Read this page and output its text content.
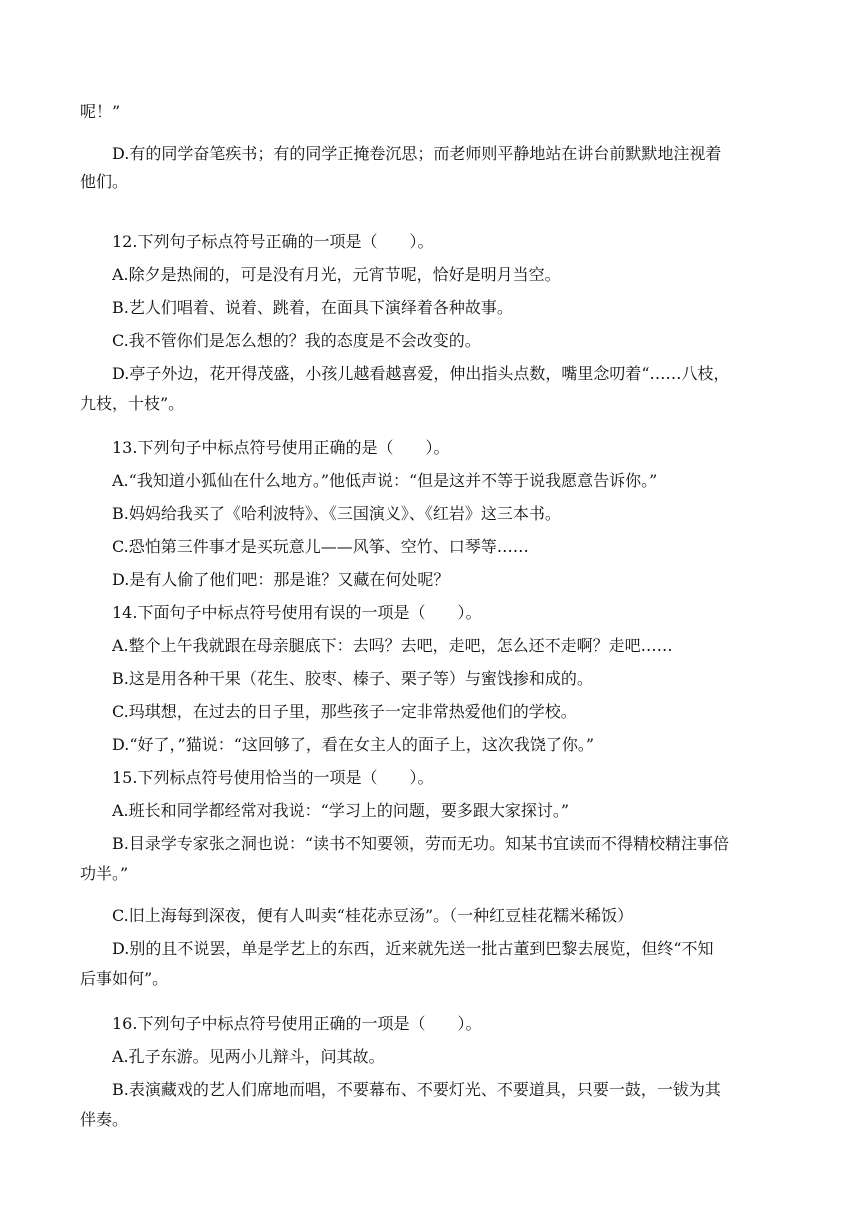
呢！”
D.有的同学奋笔疾书；有的同学正掩卷沉思；而老师则平静地站在讲台前默默地注视着
他们。
12.下列句子标点符号正确的一项是（　　）。
A.除夕是热闹的，可是没有月光，元宵节呢，恰好是明月当空。
B.艺人们唱着、说着、跳着，在面具下演绎着各种故事。
C.我不管你们是怎么想的？我的态度是不会改变的。
D.亭子外边，花开得茂盛，小孩儿越看越喜爱，伸出指头点数，嘴里念叨着“……八枝，
九枝，十枝”。
13.下列句子中标点符号使用正确的是（　　）。
A.“我知道小狐仙在什么地方。”他低声说：“但是这并不等于说我愿意告诉你。”
B.妈妈给我买了《哈利波特》、《三国演义》、《红岩》这三本书。
C.恐怕第三件事才是买玩意儿——风筝、空竹、口琴等……
D.是有人偷了他们吧：那是谁？又藏在何处呢？
14.下面句子中标点符号使用有误的一项是（　　）。
A.整个上午我就跟在母亲腿底下：去吗？去吧，走吧，怎么还不走啊？走吧……
B.这是用各种干果（花生、胶枣、榛子、栗子等）与蜜饯掺和成的。
C.玛琪想，在过去的日子里，那些孩子一定非常热爱他们的学校。
D.“好了，”猫说：“这回够了，看在女主人的面子上，这次我饶了你。”
15.下列标点符号使用恰当的一项是（　　）。
A.班长和同学都经常对我说：“学习上的问题，要多跟大家探讨。”
B.目录学专家张之洞也说：“读书不知要领，劳而无功。知某书宜读而不得精校精注事倍
功半。”
C.旧上海每到深夜，便有人叫卖“桂花赤豆汤”。（一种红豆桂花糯米稀饭）
D.别的且不说罢，单是学艺上的东西，近来就先送一批古董到巴黎去展览，但终“不知
后事如何”。
16.下列句子中标点符号使用正确的一项是（　　）。
A.孔子东游。见两小儿辩斗，问其故。
B.表演藏戏的艺人们席地而唱，不要幕布、不要灯光、不要道具，只要一鼓，一钹为其
伴奏。
